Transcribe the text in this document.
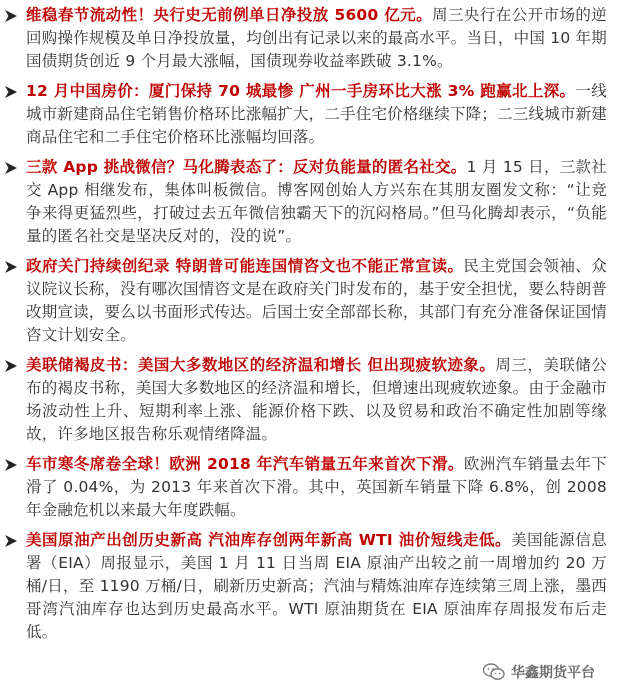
维稳春节流动性！央行史无前例单日净投放 5600 亿元。周三央行在公开市场的逆回购操作规模及单日净投放量，均创出有记录以来的最高水平。当日，中国 10 年期国债期货创近 9 个月最大涨幅，国债现券收益率跌破 3.1%。
12 月中国房价：厦门保持 70 城最惨 广州一手房环比大涨 3% 跑赢北上深。一线城市新建商品住宅销售价格环比涨幅扩大，二手住宅价格继续下降；二三线城市新建商品住宅和二手住宅价格环比涨幅均回落。
三款 App 挑战微信？马化腾表态了：反对负能量的匿名社交。1 月 15 日，三款社交 App 相继发布，集体叫板微信。博客网创始人方兴东在其朋友圈发文称：“让竞争来得更猛烈些，打破过去五年微信独霸天下的沉闷格局。”但马化腾却表示，“负能量的匿名社交是坚决反对的，没的说”。
政府关门持续创纪录 特朗普可能连国情咨文也不能正常宣读。民主党国会领袖、众议院议长称，没有哪次国情咨文是在政府关门时发布的，基于安全担忧，要么特朗普改期宣读，要么以书面形式传达。后国土安全部部长称，其部门有充分准备保证国情咨文计划安全。
美联储褐皮书：美国大多数地区的经济温和增长 但出现疲软迹象。周三，美联储公布的褐皮书称，美国大多数地区的经济温和增长，但增速出现疲软迹象。由于金融市场波动性上升、短期利率上涨、能源价格下跌、以及贸易和政治不确定性加剧等缘故，许多地区报告称乐观情绪降温。
车市寒冬席卷全球！欧洲 2018 年汽车销量五年来首次下滑。欧洲汽车销量去年下滑了 0.04%，为 2013 年来首次下滑。其中，英国新车销量下降 6.8%，创 2008 年金融危机以来最大年度跌幅。
美国原油产出创历史新高 汽油库存创两年新高 WTI 油价短线走低。美国能源信息署（EIA）周报显示，美国 1 月 11 日当周 EIA 原油产出较之前一周增加约 20 万桶/日，至 1190 万桶/日，刷新历史新高；汽油与精炼油库存连续第三周上涨，墨西哥湾汽油库存也达到历史最高水平。WTI 原油期货在 EIA 原油库存周报发布后走低。
华鑫期货平台
